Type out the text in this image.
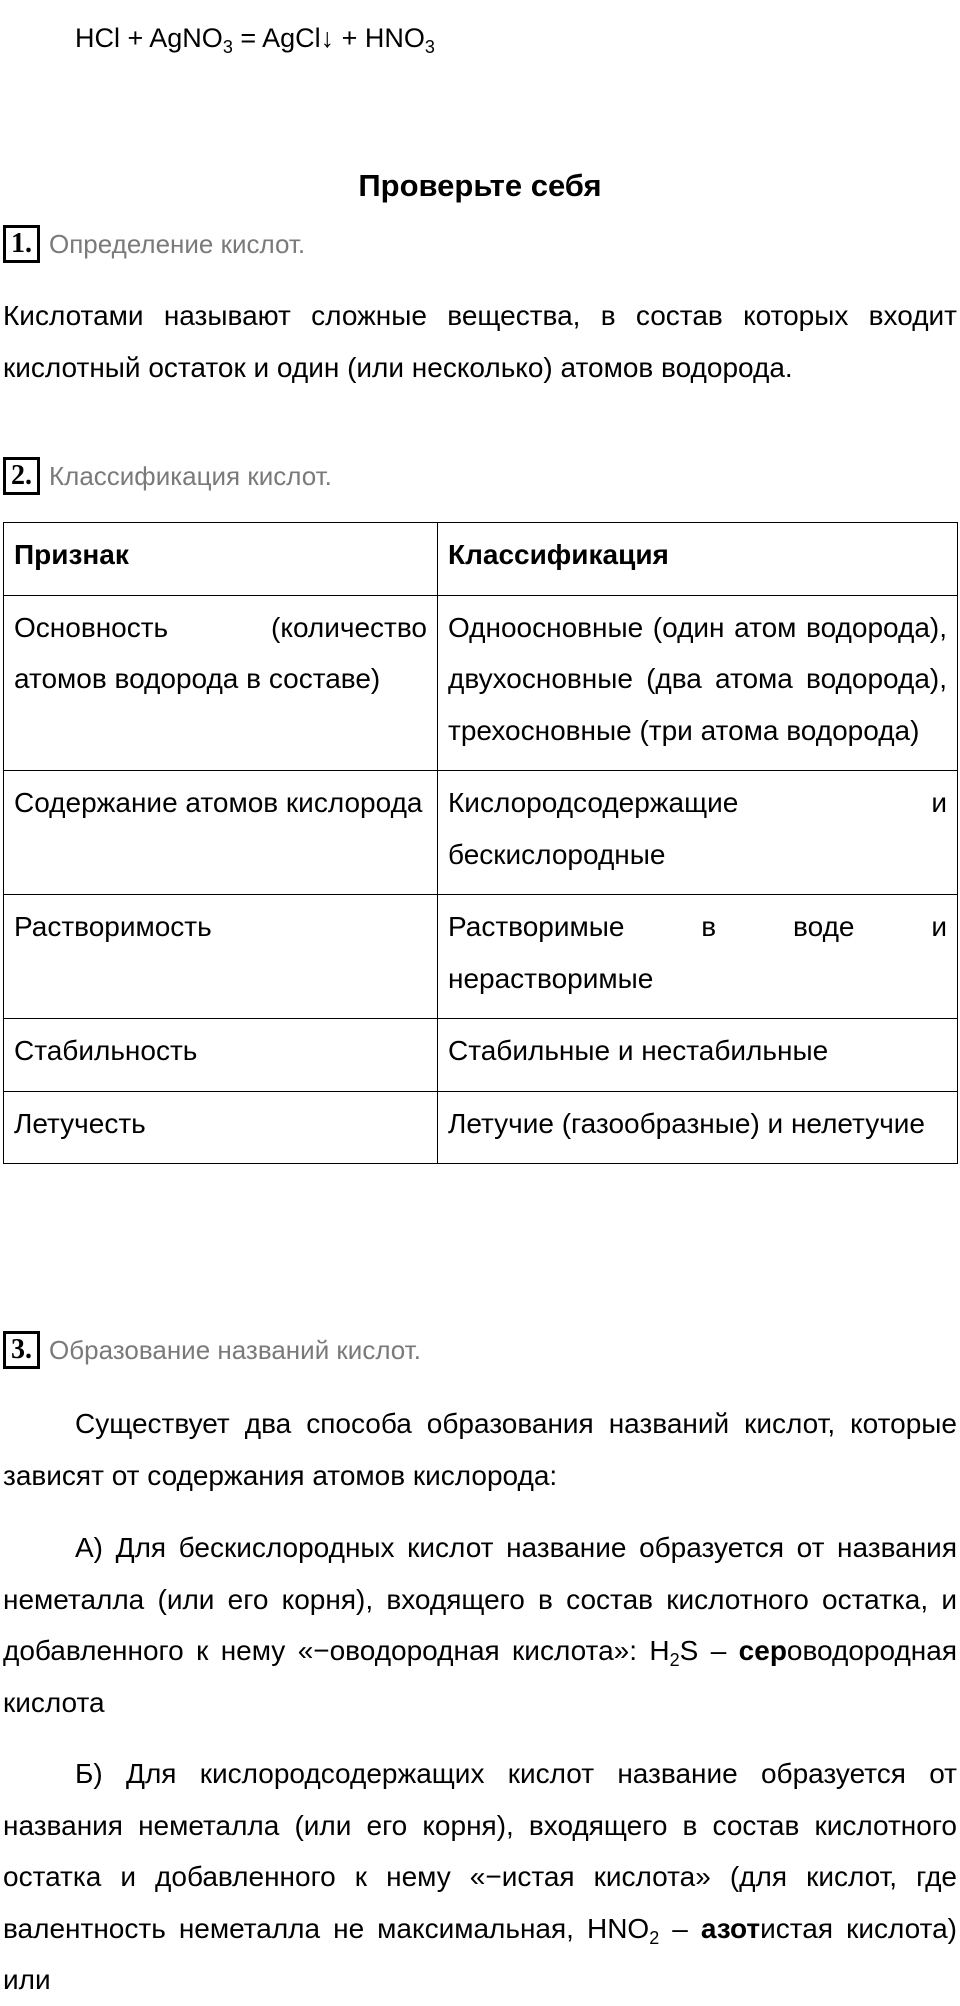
HCl + AgNO$_3$ = AgCl↓ + $HNO_3$
Проверьте себя
1. Определение кислот.
Кислотами называют сложные вещества, в состав которых входит кислотный остаток и один (или несколько) атомов водорода.
2. Классификация кислот.
Признак	Классификация
Основность (количество атомов водорода в составе)	Одноосновные (один атом водорода), двухосновные (два атома водорода), трехосновные (три атома водорода)
Содержание атомов кислорода	Кислородсодержащие и бескислородные
Растворимость	Растворимые в воде и нерастворимые
Стабильность	Стабильные и нестабильные
Летучесть	Летучие (газообразные) и нелетучие
3. Образование названий кислот.
Существует два способа образования названий кислот, которые зависят от содержания атомов кислорода:
А) Для бескислородных кислот название образуется от названия неметалла (или его корня), входящего в состав кислотного остатка, и добавленного к нему «−оводородная кислота»: $H_2S$ – сероводородная кислота
Б) Для кислородсодержащих кислот название образуется от названия неметалла (или его корня), входящего в состав кислотного остатка и добавленного к нему «−истая кислота» (для кислот, где валентность неметалла не максимальная, $HNO_2$ – азотистая кислота) или
